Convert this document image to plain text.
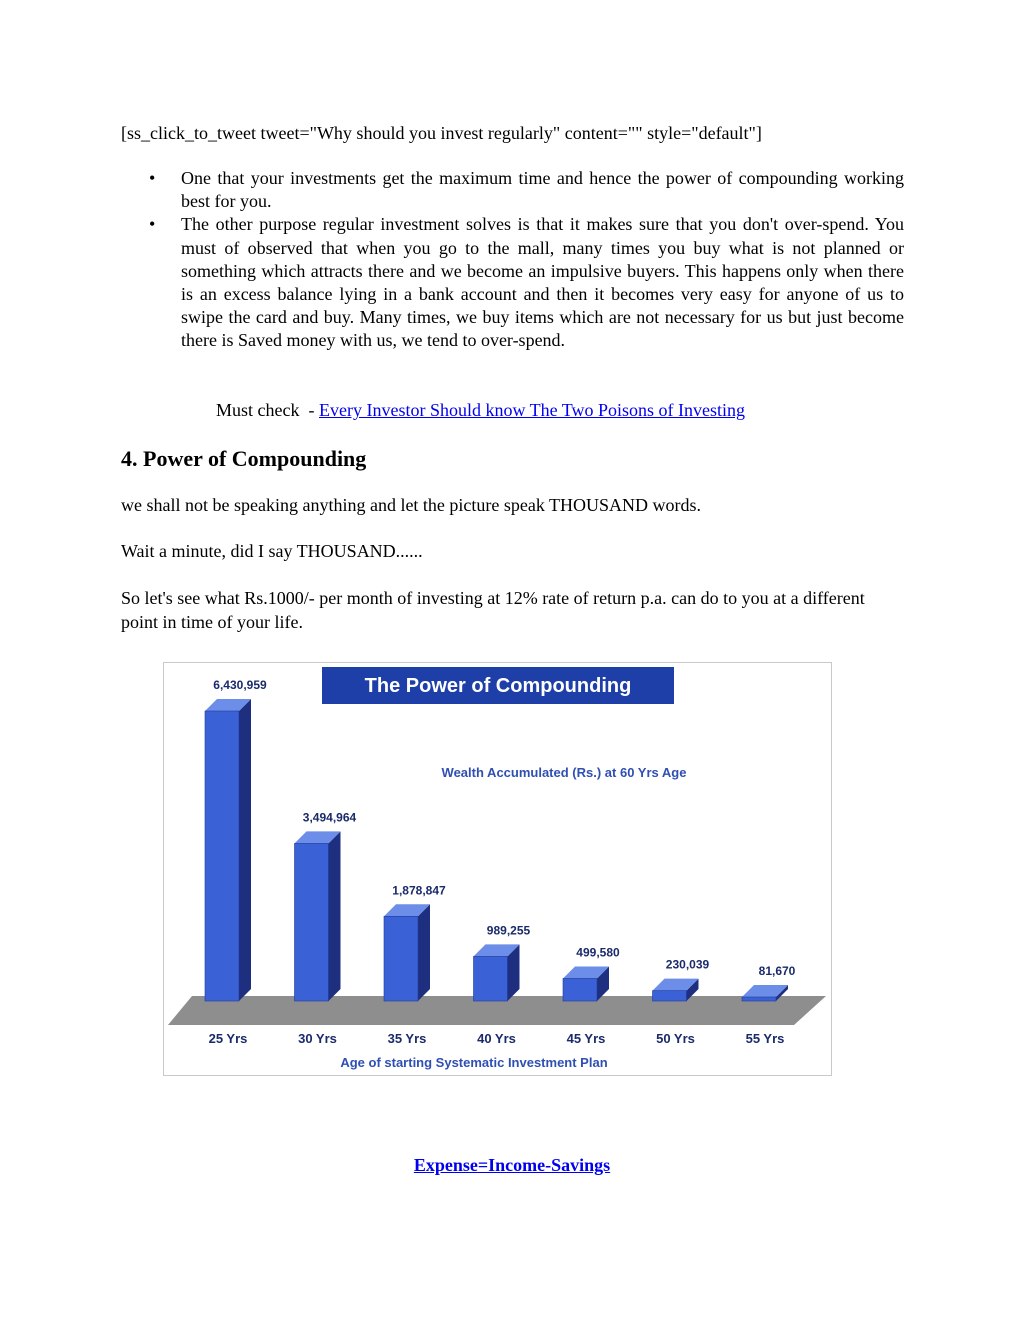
[ss_click_to_tweet tweet="Why should you invest regularly" content="" style="default"]
• One that your investments get the maximum time and hence the power of compounding working best for you.
• The other purpose regular investment solves is that it makes sure that you don't over-spend. You must of observed that when you go to the mall, many times you buy what is not planned or something which attracts there and we become an impulsive buyers. This happens only when there is an excess balance lying in a bank account and then it becomes very easy for anyone of us to swipe the card and buy. Many times, we buy items which are not necessary for us but just become there is Saved money with us, we tend to over-spend.
Must check  - Every Investor Should know The Two Poisons of Investing
4. Power of Compounding

we shall not be speaking anything and let the picture speak THOUSAND words.

Wait a minute, did I say THOUSAND......

So let's see what Rs.1000/- per month of investing at 12% rate of return p.a. can do to you at a different point in time of your life.

The Power of Compounding
Wealth Accumulated (Rs.) at 60 Yrs Age
6,430,959
25 Yrs
3,494,964
30 Yrs
1,878,847
35 Yrs
989,255
40 Yrs
499,580
45 Yrs
230,039
50 Yrs
81,670
55 Yrs
Age of starting Systematic Investment Plan
Expense=Income-Savings
